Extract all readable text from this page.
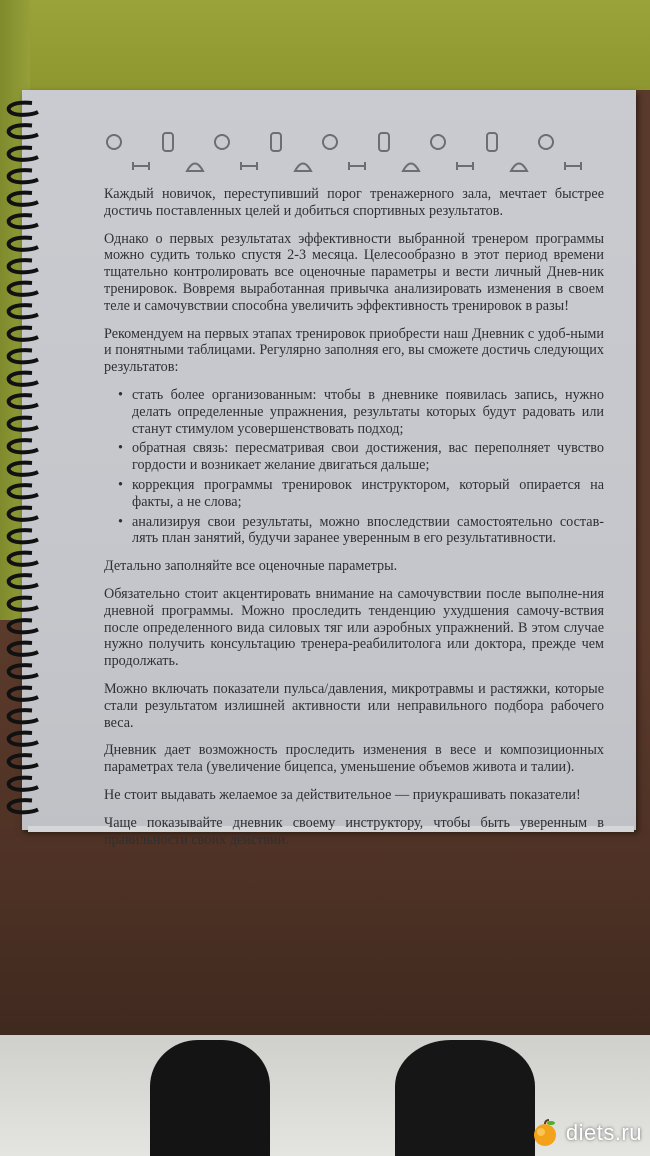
Каждый новичок, переступивший порог тренажерного зала, мечтает быстрее достичь поставленных целей и добиться спортивных результатов.

Однако о первых результатах эффективности выбранной тренером программы можно судить только спустя 2-3 месяца. Целесообразно в этот период времени тщательно контролировать все оценочные параметры и вести личный Днев-ник тренировок. Вовремя выработанная привычка анализировать изменения в своем теле и самочувствии способна увеличить эффективность тренировок в разы!

Рекомендуем на первых этапах тренировок приобрести наш Дневник с удоб-ными и понятными таблицами. Регулярно заполняя его, вы сможете достичь следующих результатов:

• стать более организованным: чтобы в дневнике появилась запись, нужно делать определенные упражнения, результаты которых будут радовать или станут стимулом усовершенствовать подход;
• обратная связь: пересматривая свои достижения, вас переполняет чувство гордости и возникает желание двигаться дальше;
• коррекция программы тренировок инструктором, который опирается на факты, а не слова;
• анализируя свои результаты, можно впоследствии самостоятельно состав-лять план занятий, будучи заранее уверенным в его результативности.

Детально заполняйте все оценочные параметры.

Обязательно стоит акцентировать внимание на самочувствии после выполне-ния дневной программы. Можно проследить тенденцию ухудшения самочу-вствия после определенного вида силовых тяг или аэробных упражнений. В этом случае нужно получить консультацию тренера-реабилитолога или доктора, прежде чем продолжать.

Можно включать показатели пульса/давления, микротравмы и растяжки, которые стали результатом излишней активности или неправильного подбора рабочего веса.

Дневник дает возможность проследить изменения в весе и композиционных параметрах тела (увеличение бицепса, уменьшение объемов живота и талии).

Не стоит выдавать желаемое за действительное — приукрашивать показатели!

Чаще показывайте дневник своему инструктору, чтобы быть уверенным в правильности своих действий.

diets.ru
